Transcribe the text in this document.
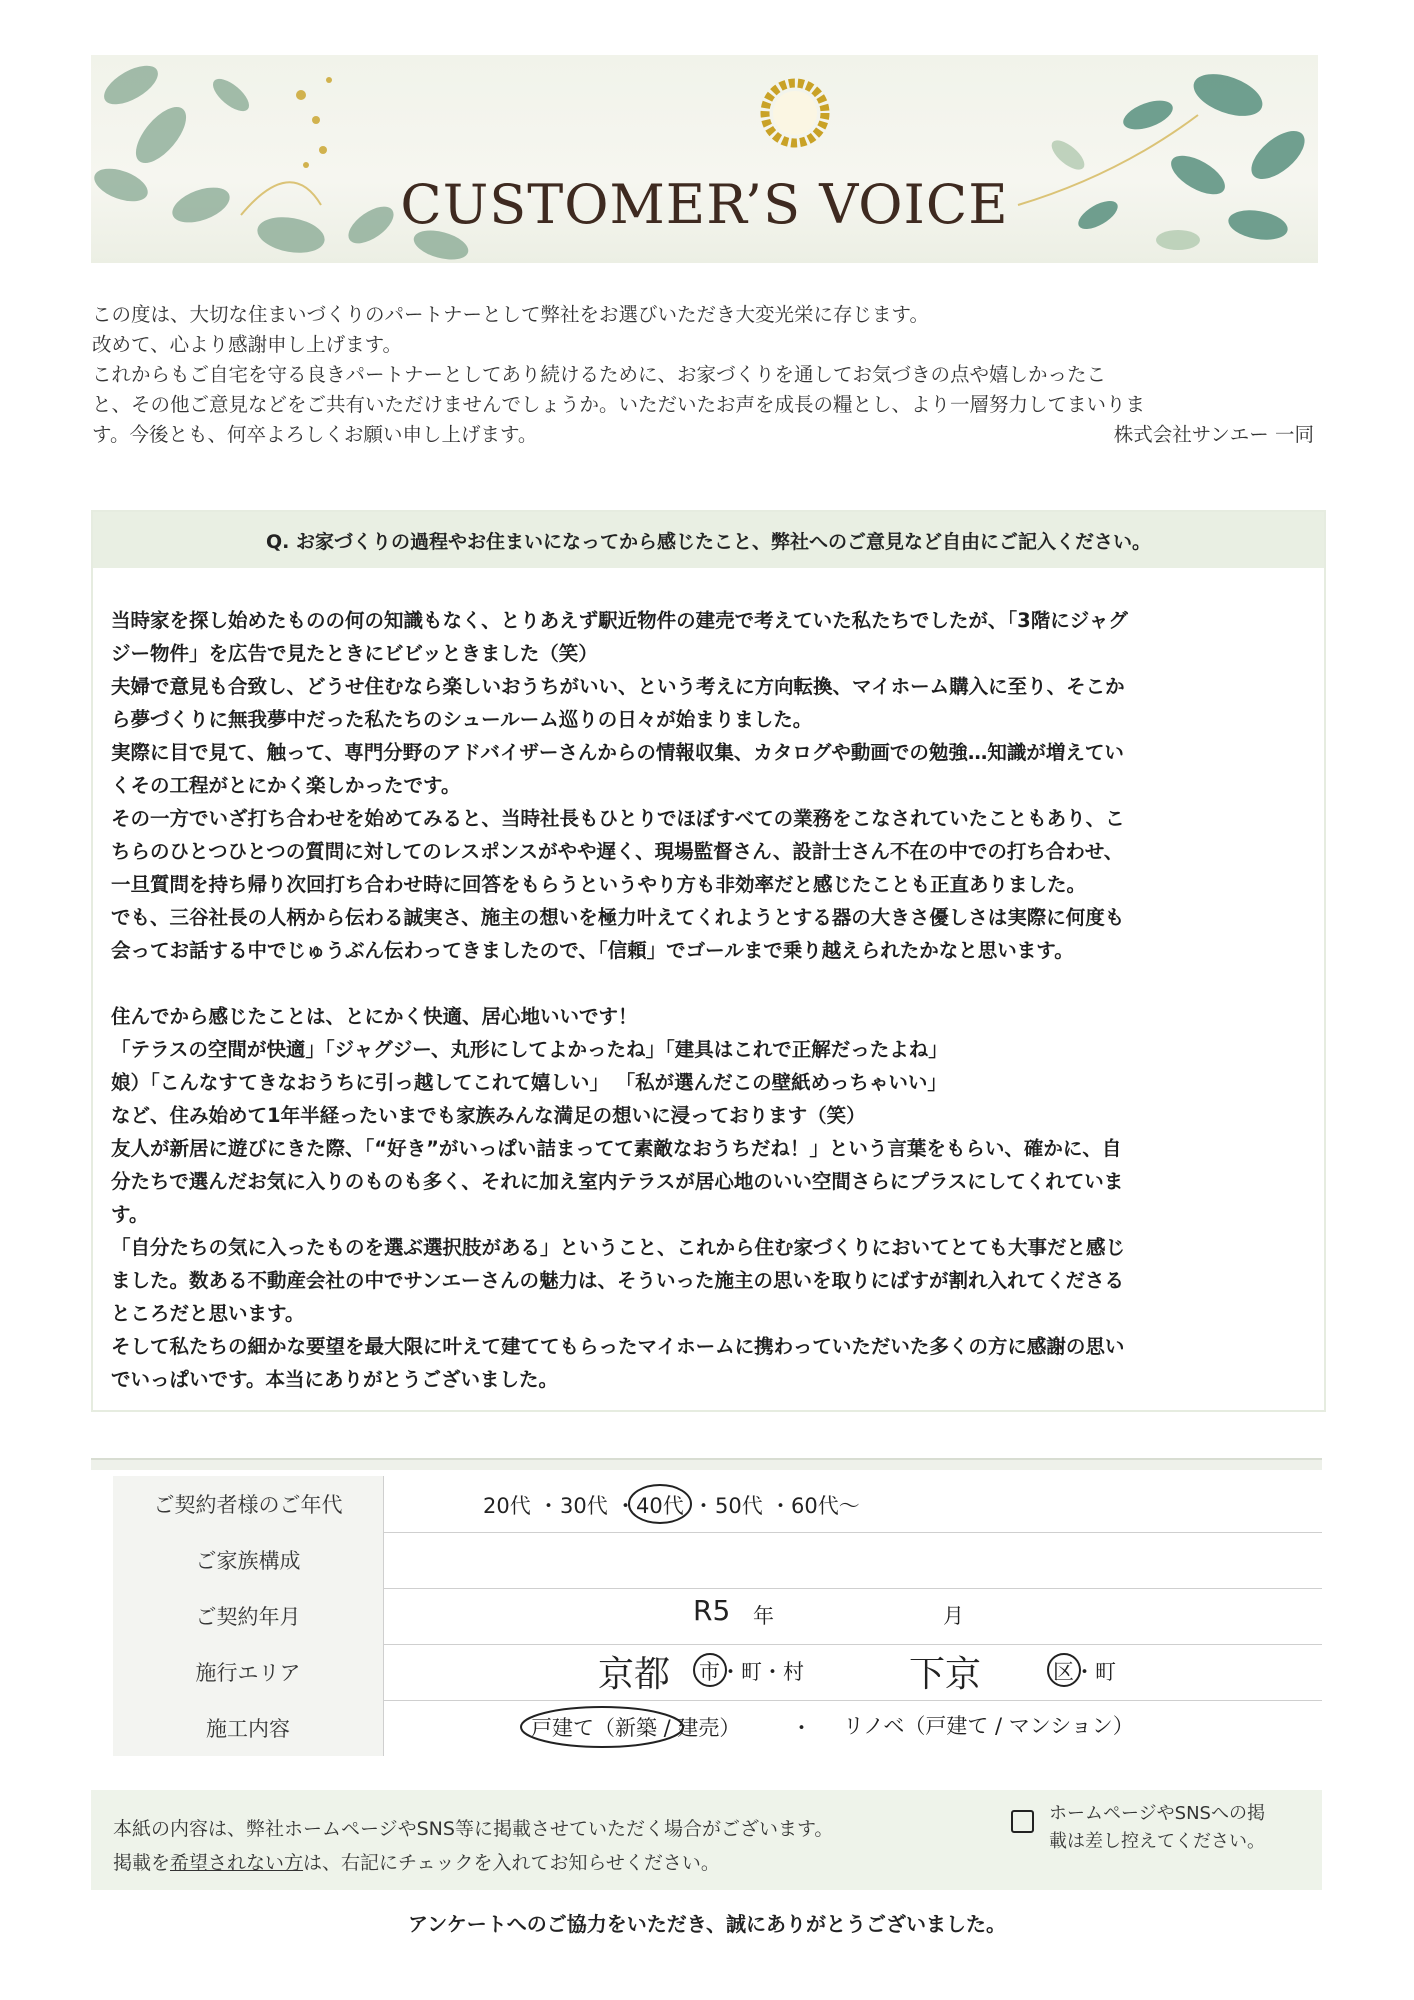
CUSTOMER’S VOICE

この度は、大切な住まいづくりのパートナーとして弊社をお選びいただき大変光栄に存じます。

改めて、心より感謝申し上げます。

これからもご自宅を守る良きパートナーとしてあり続けるために、お家づくりを通してお気づきの点や嬉しかったこ

と、その他ご意見などをご共有いただけませんでしょうか。いただいたお声を成長の糧とし、より一層努力してまいりま

す。今後とも、何卒よろしくお願い申し上げます。	株式会社サンエー 一同
Q. お家づくりの過程やお住まいになってから感じたこと、弊社へのご意見など自由にご記入ください。

当時家を探し始めたものの何の知識もなく、とりあえず駅近物件の建売で考えていた私たちでしたが、「3階にジャグ

ジー物件」を広告で見たときにビビッときました（笑）

夫婦で意見も合致し、どうせ住むなら楽しいおうちがいい、という考えに方向転換、マイホーム購入に至り、そこか

ら夢づくりに無我夢中だった私たちのシュールーム巡りの日々が始まりました。

実際に目で見て、触って、専門分野のアドバイザーさんからの情報収集、カタログや動画での勉強…知識が増えてい

くその工程がとにかく楽しかったです。

その一方でいざ打ち合わせを始めてみると、当時社長もひとりでほぼすべての業務をこなされていたこともあり、こ

ちらのひとつひとつの質問に対してのレスポンスがやや遅く、現場監督さん、設計士さん不在の中での打ち合わせ、

一旦質問を持ち帰り次回打ち合わせ時に回答をもらうというやり方も非効率だと感じたことも正直ありました。

でも、三谷社長の人柄から伝わる誠実さ、施主の想いを極力叶えてくれようとする器の大きさ優しさは実際に何度も

会ってお話する中でじゅうぶん伝わってきましたので、「信頼」でゴールまで乗り越えられたかなと思います。

住んでから感じたことは、とにかく快適、居心地いいです！

「テラスの空間が快適」「ジャグジー、丸形にしてよかったね」「建具はこれで正解だったよね」

娘）「こんなすてきなおうちに引っ越してこれて嬉しい」 「私が選んだこの壁紙めっちゃいい」

など、住み始めて1年半経ったいまでも家族みんな満足の想いに浸っております（笑）

友人が新居に遊びにきた際、「“好き”がいっぱい詰まってて素敵なおうちだね！」という言葉をもらい、確かに、自

分たちで選んだお気に入りのものも多く、それに加え室内テラスが居心地のいい空間さらにプラスにしてくれていま

す。

「自分たちの気に入ったものを選ぶ選択肢がある」ということ、これから住む家づくりにおいてとても大事だと感じ

ました。数ある不動産会社の中でサンエーさんの魅力は、そういった施主の思いを取りにばすが割れ入れてくださる

ところだと思います。

そして私たちの細かな要望を最大限に叶えて建ててもらったマイホームに携わっていただいた多くの方に感謝の思い

でいっぱいです。本当にありがとうございました。

ご契約者様のご年代	20代 ・ 30代 ・ 40代 ・ 50代 ・ 60代～
ご家族構成
ご契約年月	R5 年	月
施行エリア	京都 市・町・村	下京	区・町
施工内容	戸建て（新築 / 建売） ・ リノベ（戸建て / マンション）
本紙の内容は、弊社ホームページやSNS等に掲載させていただく場合がございます。
掲載を希望されない方は、右記にチェックを入れてお知らせください。
ホームページやSNSへの掲載は差し控えてください。
アンケートへのご協力をいただき、誠にありがとうございました。
